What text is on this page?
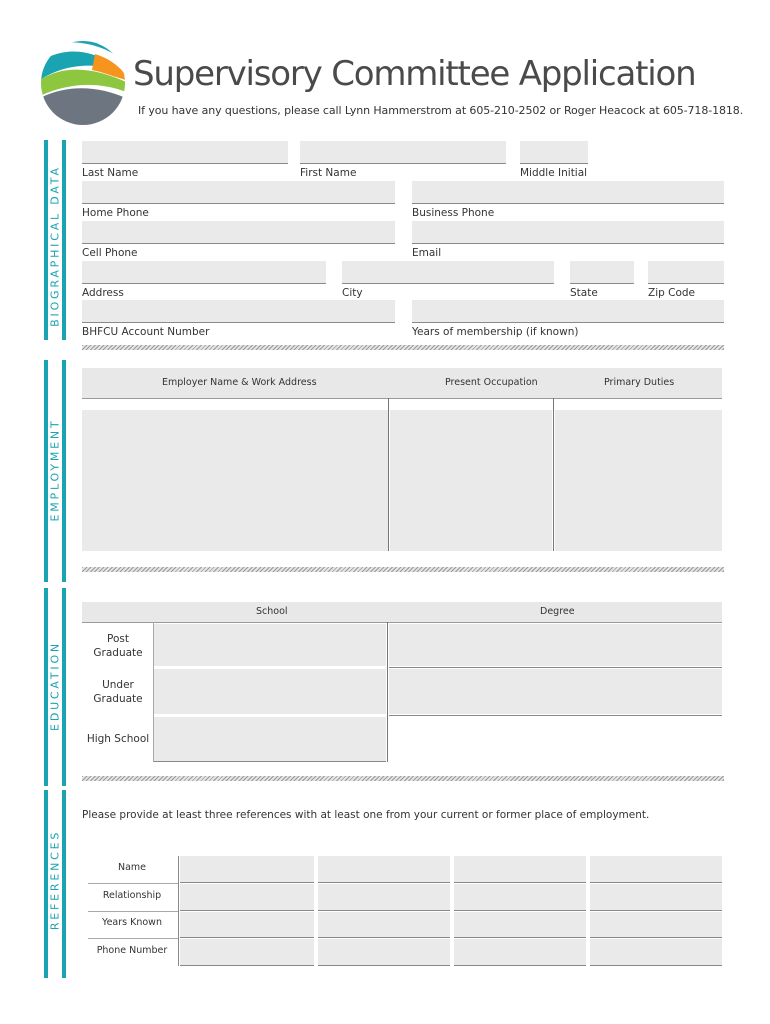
Supervisory Committee Application
If you have any questions, please call Lynn Hammerstrom at 605-210-2502 or Roger Heacock at 605-718-1818.
BIOGRAPHICAL DATA
EMPLOYMENT
EDUCATION
REFERENCES
Last Name	First Name	Middle Initial
Home Phone	Business Phone
Cell Phone	Email
Address	City	State	Zip Code
BHFCU Account Number	Years of membership (if known)
Employer Name & Work Address	Present Occupation	Primary Duties
School	Degree
Post
Graduate
Under
Graduate
High School
Please provide at least three references with at least one from your current or former place of employment.
Name
Relationship
Years Known
Phone Number
